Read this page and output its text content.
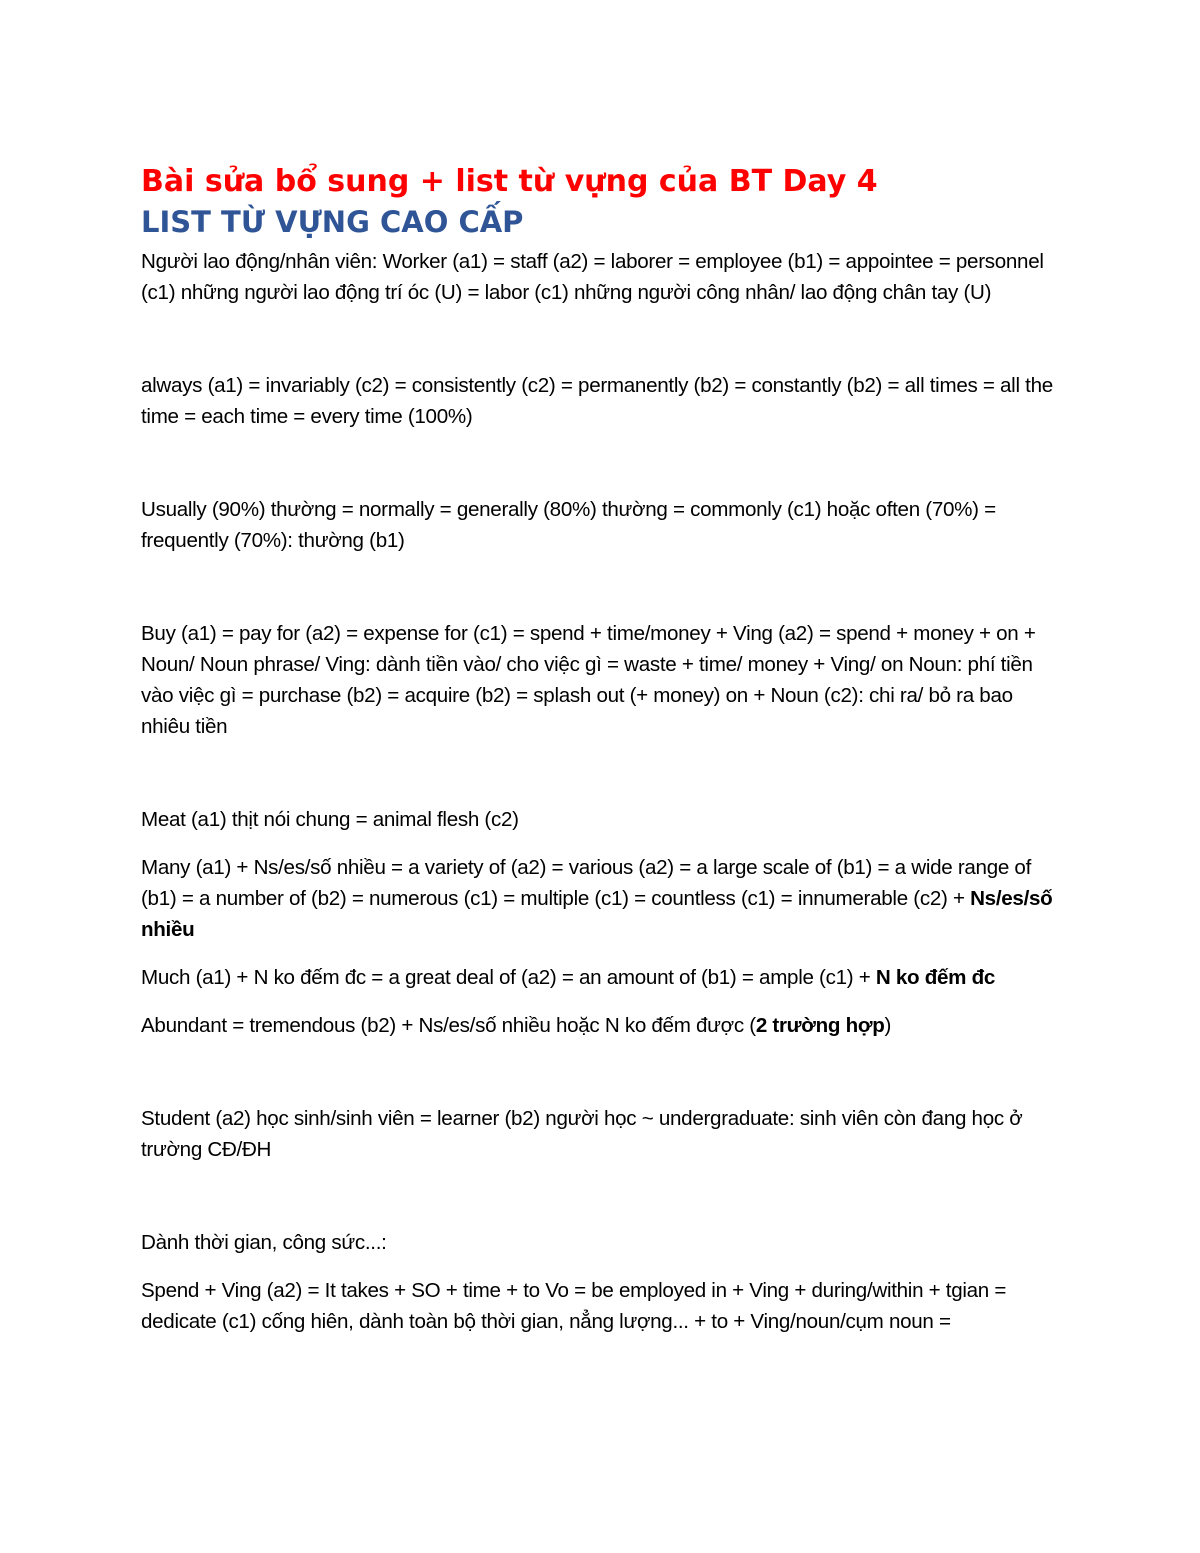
Bài sửa bổ sung + list từ vựng của BT Day 4
LIST TỪ VỰNG CAO CẤP

Người lao động/nhân viên: Worker (a1) = staff (a2) = laborer = employee (b1) = appointee = personnel (c1) những người lao động trí óc (U) = labor (c1) những người công nhân/ lao động chân tay (U)

always (a1) = invariably (c2) = consistently (c2) = permanently (b2) = constantly (b2) = all times = all the time = each time = every time (100%)

Usually (90%) thường = normally = generally (80%) thường = commonly (c1) hoặc often (70%) = frequently (70%): thường (b1)

Buy (a1) = pay for (a2) = expense for (c1) = spend + time/money + Ving (a2) = spend + money + on + Noun/ Noun phrase/ Ving: dành tiền vào/ cho việc gì = waste + time/ money + Ving/ on Noun: phí tiền vào việc gì = purchase (b2) = acquire (b2) = splash out (+ money) on + Noun (c2): chi ra/ bỏ ra bao nhiêu tiền

Meat (a1) thịt nói chung = animal flesh (c2)

Many (a1) + Ns/es/số nhiều = a variety of (a2) = various (a2) = a large scale of (b1) = a wide range of (b1) = a number of (b2) = numerous (c1) = multiple (c1) = countless (c1) = innumerable (c2) + Ns/es/số nhiều

Much (a1) + N ko đếm đc = a great deal of (a2) = an amount of (b1) = ample (c1) + N ko đếm đc

Abundant = tremendous (b2) + Ns/es/số nhiều hoặc N ko đếm được (2 trường hợp)

Student (a2) học sinh/sinh viên = learner (b2) người học ~ undergraduate: sinh viên còn đang học ở trường CĐ/ĐH

Dành thời gian, công sức...:

Spend + Ving (a2) = It takes + SO + time + to Vo = be employed in + Ving + during/within + tgian = dedicate (c1) cống hiên, dành toàn bộ thời gian, nẳng lượng... + to + Ving/noun/cụm noun =
